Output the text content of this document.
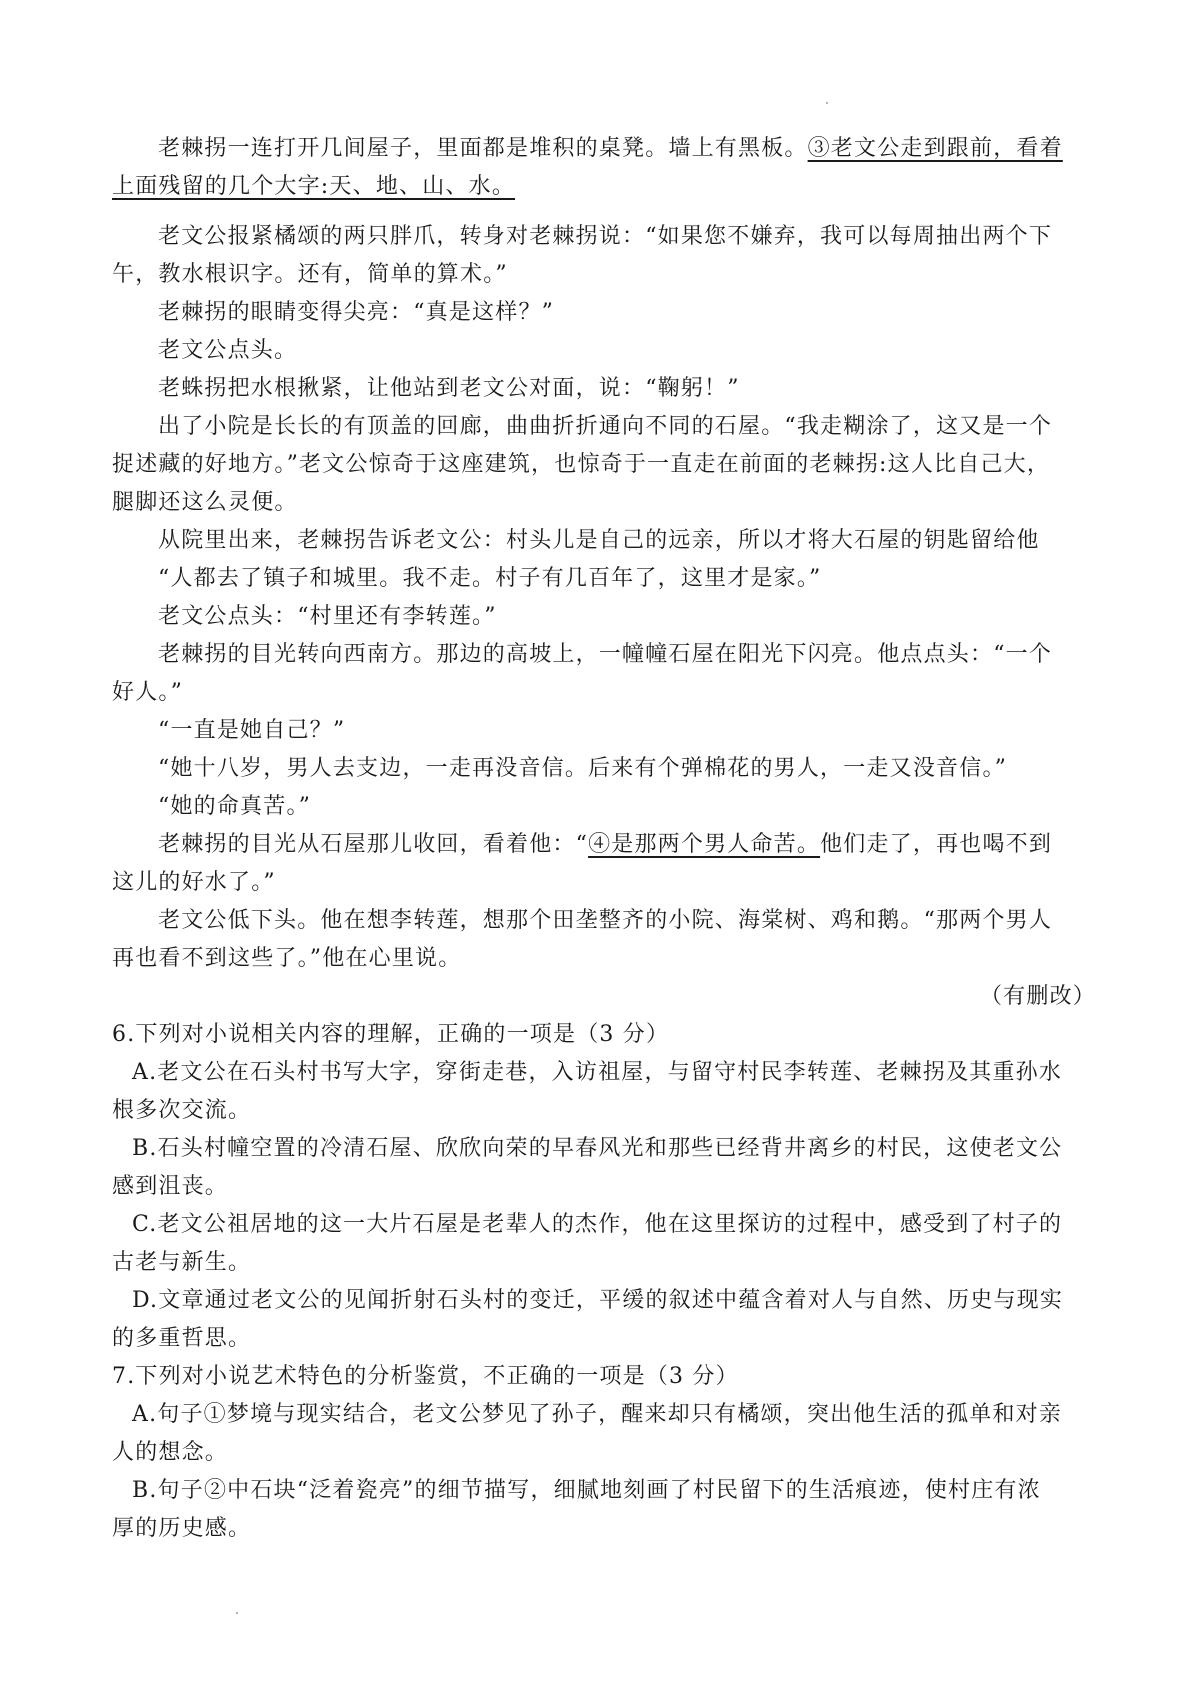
老棘拐一连打开几间屋子，里面都是堆积的桌凳。墙上有黑板。③老文公走到跟前，看着
上面残留的几个大字:天、地、山、水。
老文公报紧橘颂的两只胖爪，转身对老棘拐说：“如果您不嫌弃，我可以每周抽出两个下
午，教水根识字。还有，简单的算术。”
老棘拐的眼睛变得尖亮：“真是这样？”
老文公点头。
老蛛拐把水根揪紧，让他站到老文公对面，说：“鞠躬！”
出了小院是长长的有顶盖的回廊，曲曲折折通向不同的石屋。“我走糊涂了，这又是一个
捉述藏的好地方。”老文公惊奇于这座建筑，也惊奇于一直走在前面的老棘拐:这人比自己大，
腿脚还这么灵便。
从院里出来，老棘拐告诉老文公：村头儿是自己的远亲，所以才将大石屋的钥匙留给他
“人都去了镇子和城里。我不走。村子有几百年了，这里才是家。”
老文公点头：“村里还有李转莲。”
老棘拐的目光转向西南方。那边的高坡上，一幢幢石屋在阳光下闪亮。他点点头：“一个
好人。”
“一直是她自己？”
“她十八岁，男人去支边，一走再没音信。后来有个弹棉花的男人，一走又没音信。”
“她的命真苦。”
老棘拐的目光从石屋那儿收回，看着他：“④是那两个男人命苦。他们走了，再也喝不到
这儿的好水了。”
老文公低下头。他在想李转莲，想那个田垄整齐的小院、海棠树、鸡和鹅。“那两个男人
再也看不到这些了。”他在心里说。
（有删改）
6.下列对小说相关内容的理解，正确的一项是（3 分）
A.老文公在石头村书写大字，穿街走巷，入访祖屋，与留守村民李转莲、老棘拐及其重孙水
根多次交流。
B.石头村幢空置的冷清石屋、欣欣向荣的早春风光和那些已经背井离乡的村民，这使老文公
感到沮丧。
C.老文公祖居地的这一大片石屋是老辈人的杰作，他在这里探访的过程中，感受到了村子的
古老与新生。
D.文章通过老文公的见闻折射石头村的变迁，平缓的叙述中蕴含着对人与自然、历史与现实
的多重哲思。
7.下列对小说艺术特色的分析鉴赏，不正确的一项是（3 分）
A.句子①梦境与现实结合，老文公梦见了孙子，醒来却只有橘颂，突出他生活的孤单和对亲
人的想念。
B.句子②中石块“泛着瓷亮”的细节描写，细腻地刻画了村民留下的生活痕迹，使村庄有浓
厚的历史感。
